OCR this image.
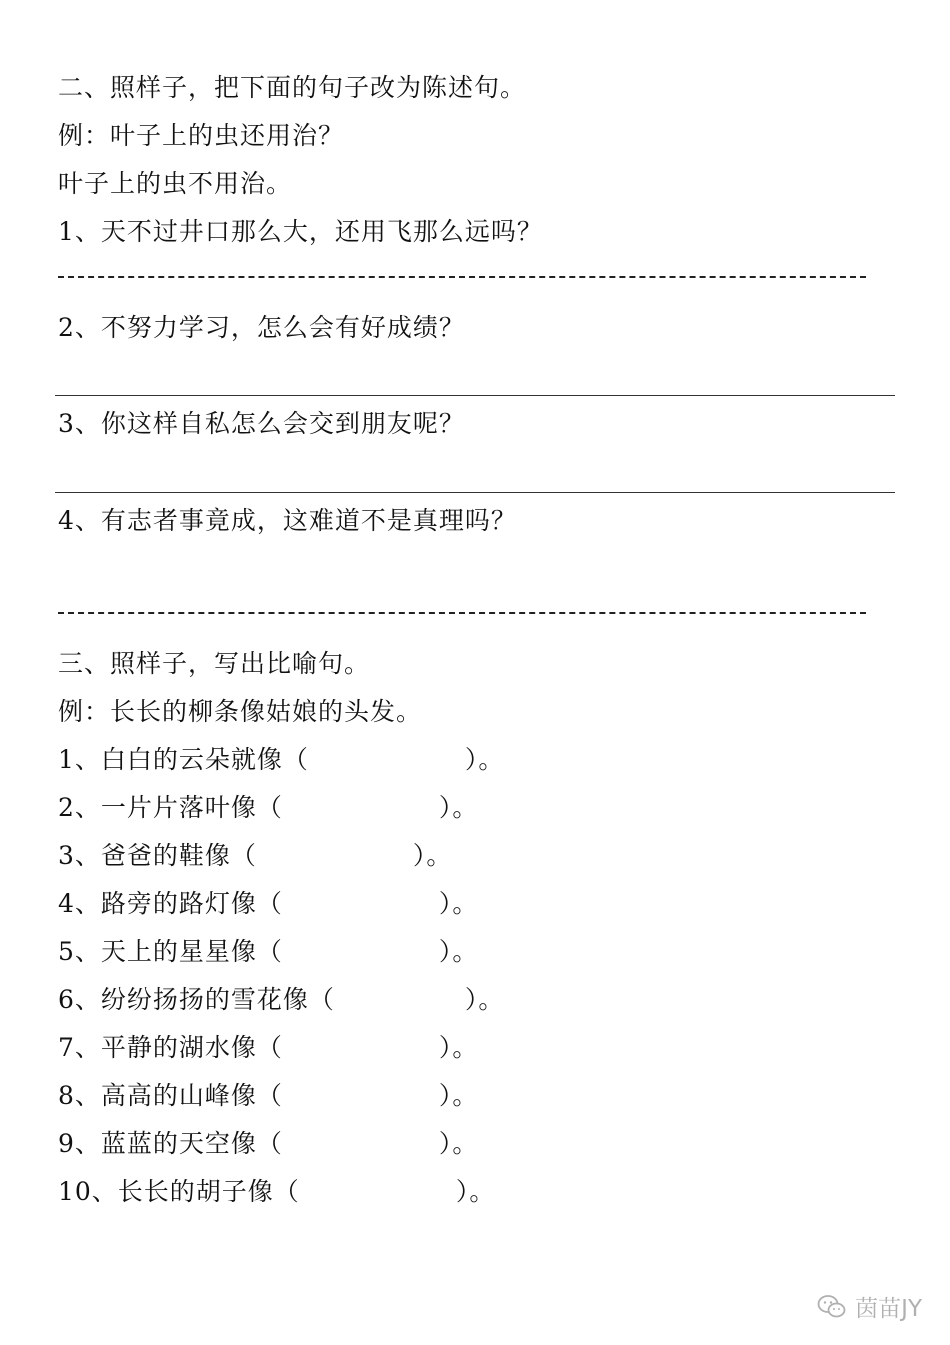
二、照样子，把下面的句子改为陈述句。
例：叶子上的虫还用治？
叶子上的虫不用治。
1、天不过井口那么大，还用飞那么远吗？
2、不努力学习，怎么会有好成绩？
3、你这样自私怎么会交到朋友呢？
4、有志者事竟成，这难道不是真理吗？
三、照样子，写出比喻句。
例：长长的柳条像姑娘的头发。
1、白白的云朵就像（　　　　　　）。
2、一片片落叶像（　　　　　　）。
3、爸爸的鞋像（　　　　　　）。
4、路旁的路灯像（　　　　　　）。
5、天上的星星像（　　　　　　）。
6、纷纷扬扬的雪花像（　　　　　）。
7、平静的湖水像（　　　　　　）。
8、高高的山峰像（　　　　　　）。
9、蓝蓝的天空像（　　　　　　）。
10、长长的胡子像（　　　　　　）。
茵苗JY
